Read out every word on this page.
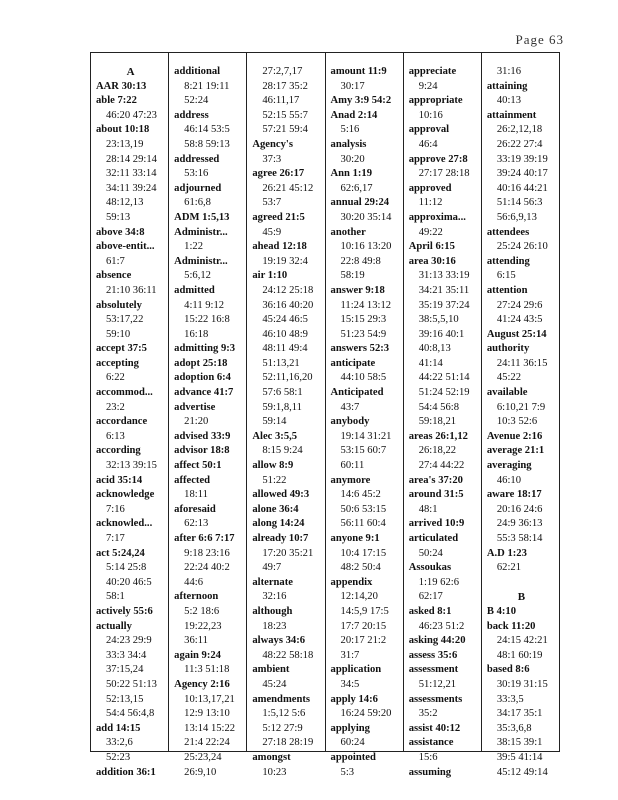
Page 63
A
AAR 30:13
able 7:22
46:20 47:23
about 10:18
23:13,19
28:14 29:14
32:11 33:14
34:11 39:24
48:12,13
59:13
above 34:8
above-entit...
61:7
absence
21:10 36:11
absolutely
53:17,22
59:10
accept 37:5
accepting
6:22
accommod...
23:2
accordance
6:13
according
32:13 39:15
acid 35:14
acknowledge
7:16
acknowled...
7:17
act 5:24,24
5:14 25:8
40:20 46:5
58:1
actively 55:6
actually
24:23 29:9
33:3 34:4
37:15,24
50:22 51:13
52:13,15
54:4 56:4,8
add 14:15
33:2,6
52:23
addition 36:1
additional
8:21 19:11
52:24
address
46:14 53:5
58:8 59:13
addressed
53:16
adjourned
61:6,8
ADM 1:5,13
Administr...
1:22
Administr...
5:6,12
admitted
4:11 9:12
15:22 16:8
16:18
admitting 9:3
adopt 25:18
adoption 6:4
advance 41:7
advertise
21:20
advised 33:9
advisor 18:8
affect 50:1
affected
18:11
aforesaid
62:13
after 6:6 7:17
9:18 23:16
22:24 40:2
44:6
afternoon
5:2 18:6
19:22,23
36:11
again 9:24
11:3 51:18
Agency 2:16
10:13,17,21
12:9 13:10
13:14 15:22
21:4 22:24
25:23,24
26:9,10
27:2,7,17
28:17 35:2
46:11,17
52:15 55:7
57:21 59:4
Agency's
37:3
agree 26:17
26:21 45:12
53:7
agreed 21:5
45:9
ahead 12:18
19:19 32:4
air 1:10
24:12 25:18
36:16 40:20
45:24 46:5
46:10 48:9
48:11 49:4
51:13,21
52:11,16,20
57:6 58:1
59:1,8,11
59:14
Alec 3:5,5
8:15 9:24
allow 8:9
51:22
allowed 49:3
alone 36:4
along 14:24
already 10:7
17:20 35:21
49:7
alternate
32:16
although
18:23
always 34:6
48:22 58:18
ambient
45:24
amendments
1:5,12 5:6
5:12 27:9
27:18 28:19
amongst
10:23
amount 11:9
30:17
Amy 3:9 54:2
Anad 2:14
5:16
analysis
30:20
Ann 1:19
62:6,17
annual 29:24
30:20 35:14
another
10:16 13:20
22:8 49:8
58:19
answer 9:18
11:24 13:12
15:15 29:3
51:23 54:9
answers 52:3
anticipate
44:10 58:5
Anticipated
43:7
anybody
19:14 31:21
53:15 60:7
60:11
anymore
14:6 45:2
50:6 53:15
56:11 60:4
anyone 9:1
10:4 17:15
48:2 50:4
appendix
12:14,20
14:5,9 17:5
17:7 20:15
20:17 21:2
31:7
application
34:5
apply 14:6
16:24 59:20
applying
60:24
appointed
5:3
appreciate
9:24
appropriate
10:16
approval
46:4
approve 27:8
27:17 28:18
approved
11:12
approxima...
49:22
April 6:15
area 30:16
31:13 33:19
34:21 35:11
35:19 37:24
38:5,5,10
39:16 40:1
40:8,13
41:14
44:22 51:14
51:24 52:19
54:4 56:8
59:18,21
areas 26:1,12
26:18,22
27:4 44:22
area's 37:20
around 31:5
48:1
arrived 10:9
articulated
50:24
Assoukas
1:19 62:6
62:17
asked 8:1
46:23 51:2
asking 44:20
assess 35:6
assessment
51:12,21
assessments
35:2
assist 40:12
assistance
15:6
assuming
31:16
attaining
40:13
attainment
26:2,12,18
26:22 27:4
33:19 39:19
39:24 40:17
40:16 44:21
51:14 56:3
56:6,9,13
attendees
25:24 26:10
attending
6:15
attention
27:24 29:6
41:24 43:5
August 25:14
authority
24:11 36:15
45:22
available
6:10,21 7:9
10:3 52:6
Avenue 2:16
average 21:1
averaging
46:10
aware 18:17
20:16 24:6
24:9 36:13
55:3 58:14
A.D 1:23
62:21

B
B 4:10
back 11:20
24:15 42:21
48:1 60:19
based 8:6
30:19 31:15
33:3,5
34:17 35:1
35:3,6,8
38:15 39:1
39:5 41:14
45:12 49:14
